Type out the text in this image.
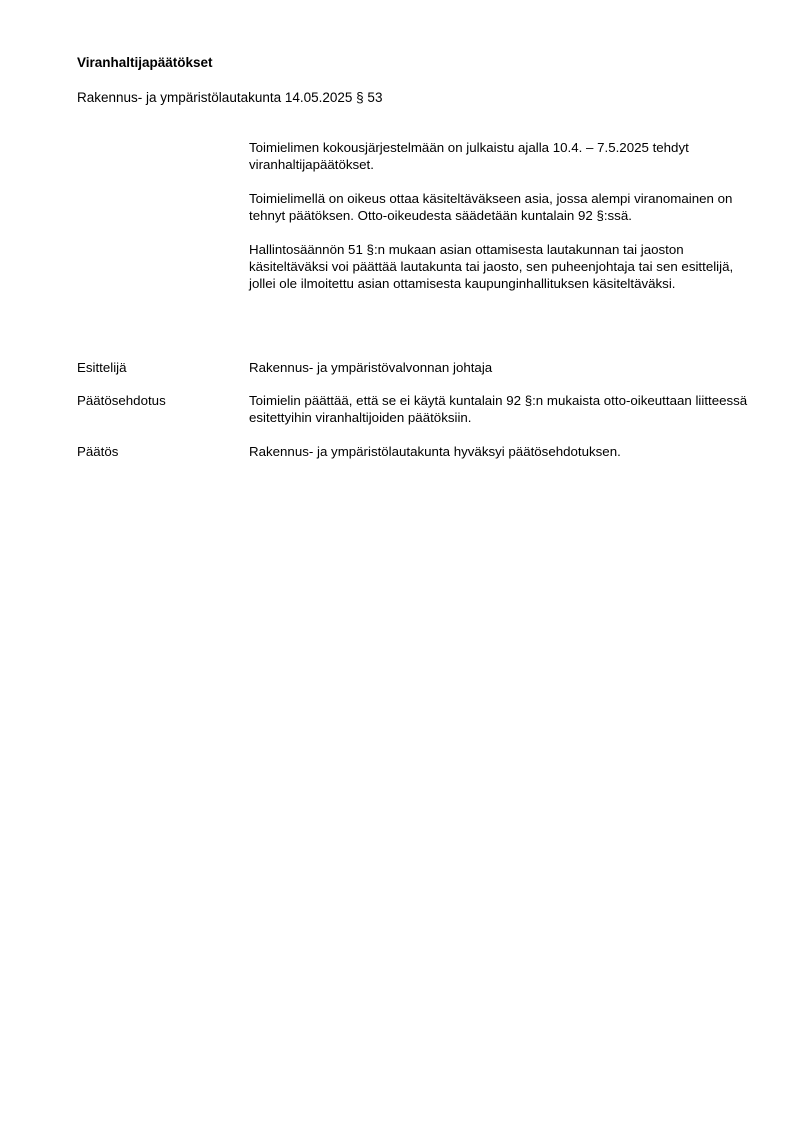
Viranhaltijapäätökset
Rakennus- ja ympäristölautakunta 14.05.2025 § 53

Toimielimen kokousjärjestelmään on julkaistu ajalla 10.4. – 7.5.2025 tehdyt viranhaltijapäätökset.

Toimielimellä on oikeus ottaa käsiteltäväkseen asia, jossa alempi viranomainen on tehnyt päätöksen. Otto-oikeudesta säädetään kuntalain 92 §:ssä.

Hallintosäännön 51 §:n mukaan asian ottamisesta lautakunnan tai jaoston käsiteltäväksi voi päättää lautakunta tai jaosto, sen puheenjohtaja tai sen esittelijä, jollei ole ilmoitettu asian ottamisesta kaupunginhallituksen käsiteltäväksi.

Esittelijä	Rakennus- ja ympäristövalvonnan johtaja
Päätösehdotus	Toimielin päättää, että se ei käytä kuntalain 92 §:n mukaista otto-oikeuttaan liitteessä esitettyihin viranhaltijoiden päätöksiin.
Päätös	Rakennus- ja ympäristölautakunta hyväksyi päätösehdotuksen.
